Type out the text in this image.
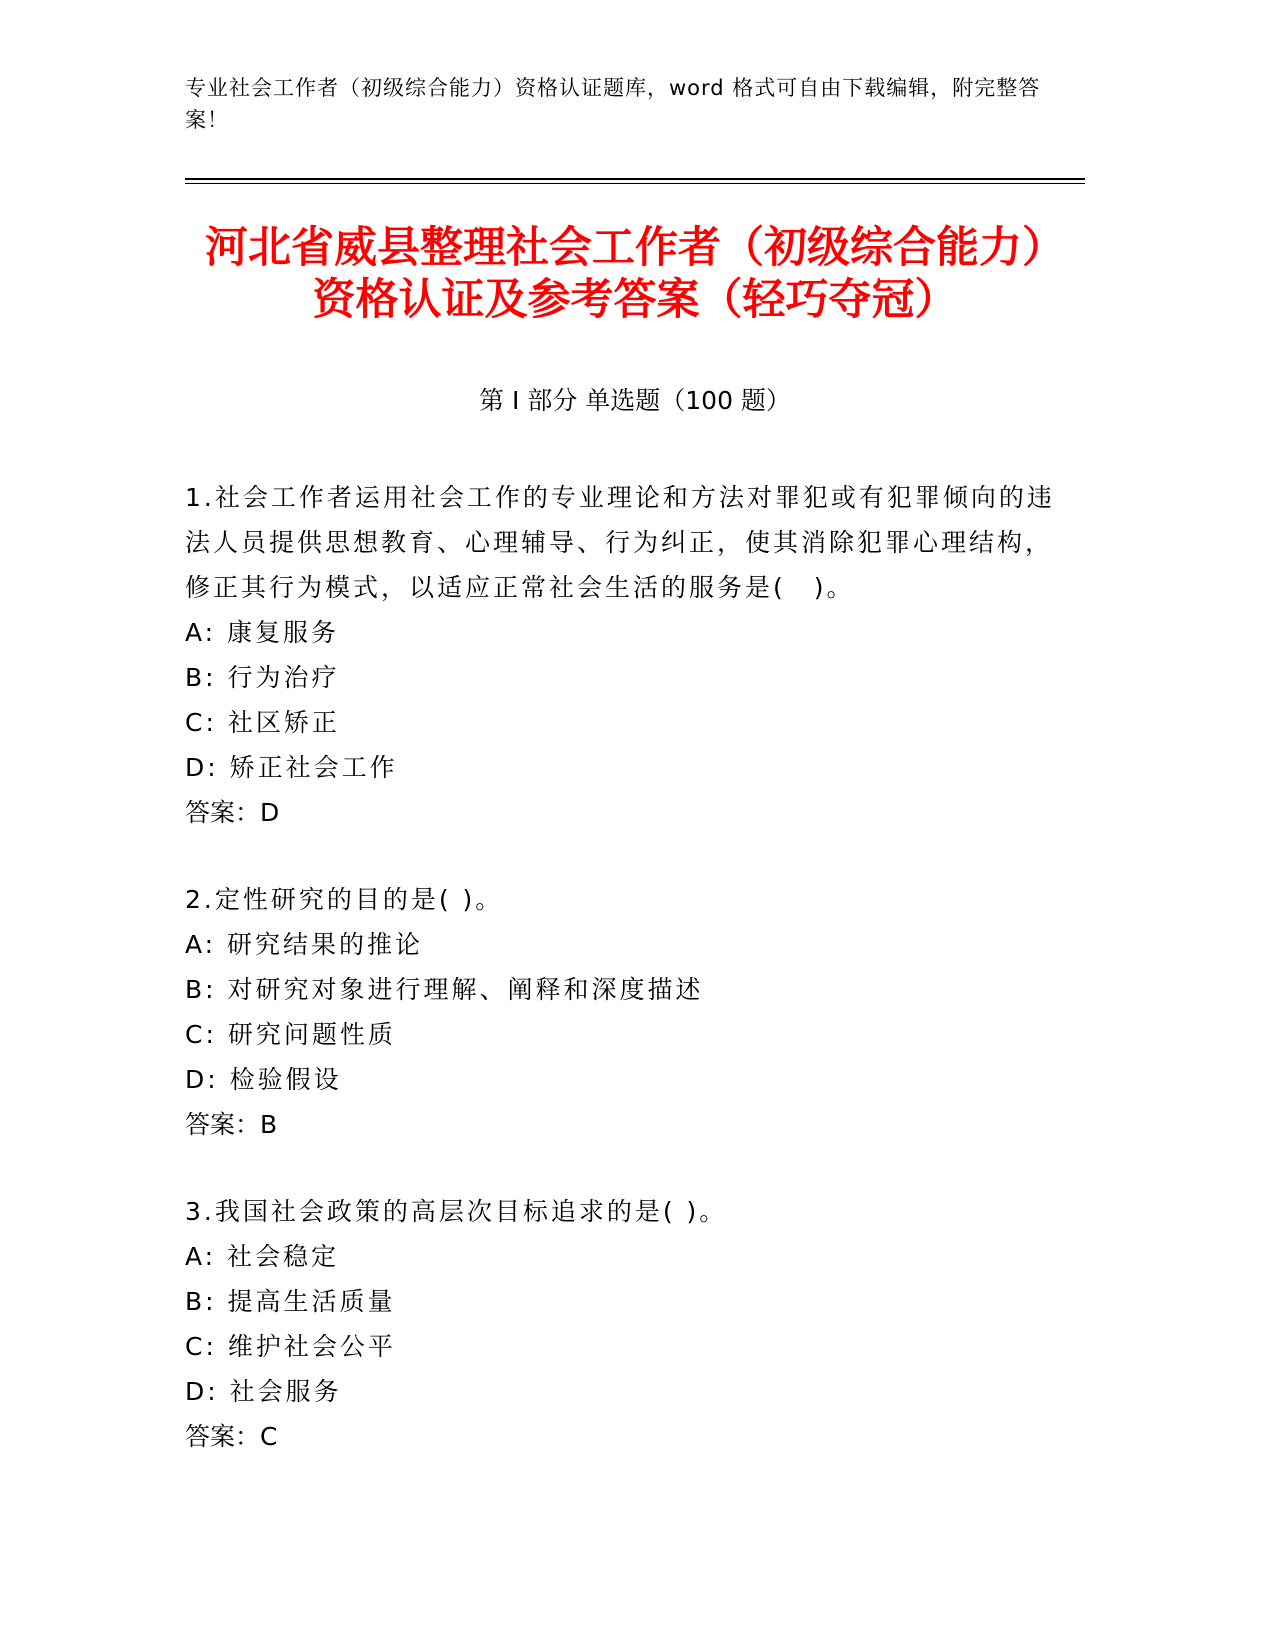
专业社会工作者（初级综合能力）资格认证题库，word 格式可自由下载编辑，附完整答案！
河北省威县整理社会工作者（初级综合能力）资格认证及参考答案（轻巧夺冠）
第 I 部分 单选题（100 题）
1.社会工作者运用社会工作的专业理论和方法对罪犯或有犯罪倾向的违法人员提供思想教育、心理辅导、行为纠正，使其消除犯罪心理结构，修正其行为模式，以适应正常社会生活的服务是(　)。
A: 康复服务
B: 行为治疗
C: 社区矫正
D: 矫正社会工作
答案：D
2.定性研究的目的是( )。
A: 研究结果的推论
B: 对研究对象进行理解、阐释和深度描述
C: 研究问题性质
D: 检验假设
答案：B
3.我国社会政策的高层次目标追求的是( )。
A: 社会稳定
B: 提高生活质量
C: 维护社会公平
D: 社会服务
答案：C
